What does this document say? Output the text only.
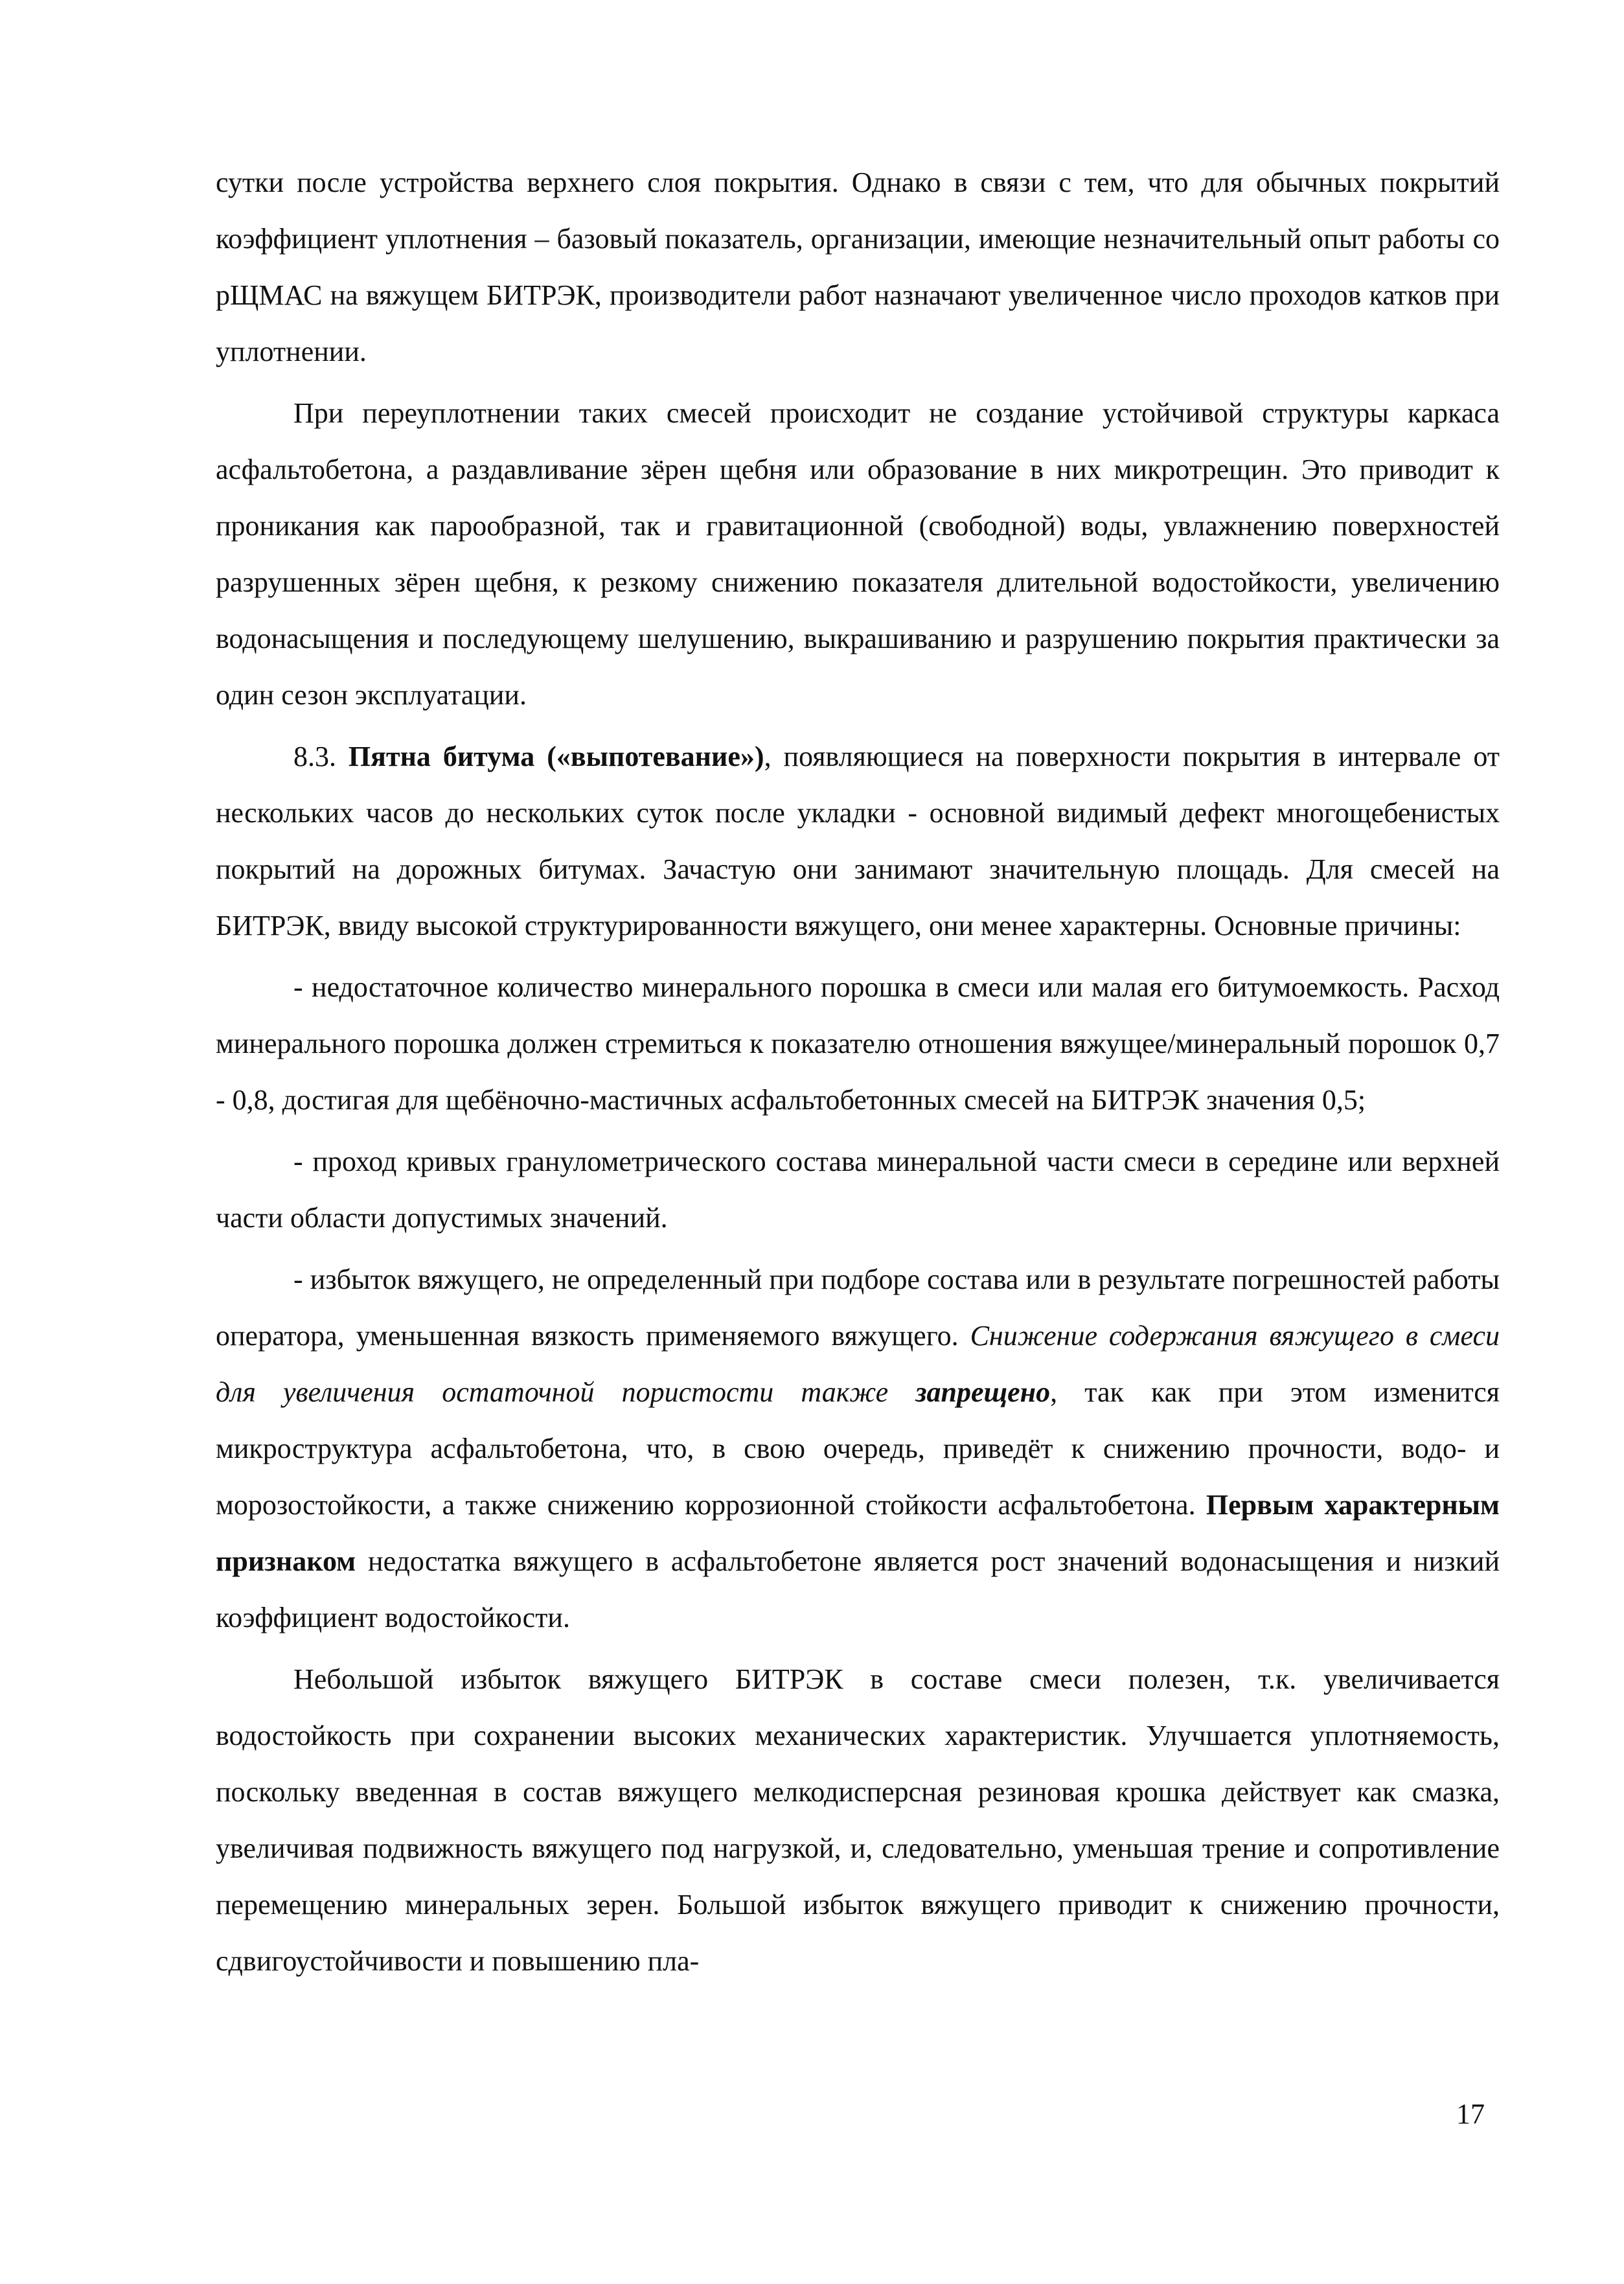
сутки после устройства верхнего слоя покрытия. Однако в связи с тем, что для обычных покрытий коэффициент уплотнения – базовый показатель, организации, имеющие незначительный опыт работы со рЩМАС на вяжущем БИТРЭК, производители работ назначают увеличенное число проходов катков при уплотнении.

При переуплотнении таких смесей происходит не создание устойчивой структуры каркаса асфальтобетона, а раздавливание зёрен щебня или образование в них микротрещин. Это приводит к проникания как парообразной, так и гравитационной (свободной) воды, увлажнению поверхностей разрушенных зёрен щебня, к резкому снижению показателя длительной водостойкости, увеличению водонасыщения и последующему шелушению, выкрашиванию и разрушению покрытия практически за один сезон эксплуатации.

8.3. Пятна битума («выпотевание»), появляющиеся на поверхности покрытия в интервале от нескольких часов до нескольких суток после укладки - основной видимый дефект многощебенистых покрытий на дорожных битумах. Зачастую они занимают значительную площадь. Для смесей на БИТРЭК, ввиду высокой структурированности вяжущего, они менее характерны. Основные причины:

- недостаточное количество минерального порошка в смеси или малая его битумоемкость. Расход минерального порошка должен стремиться к показателю отношения вяжущее/минеральный порошок 0,7 - 0,8, достигая для щебёночно-мастичных асфальтобетонных смесей на БИТРЭК значения 0,5;

- проход кривых гранулометрического состава минеральной части смеси в середине или верхней части области допустимых значений.

- избыток вяжущего, не определенный при подборе состава или в результате погрешностей работы оператора, уменьшенная вязкость применяемого вяжущего. Снижение содержания вяжущего в смеси для увеличения остаточной пористости также запрещено, так как при этом изменится микроструктура асфальтобетона, что, в свою очередь, приведёт к снижению прочности, водо- и морозостойкости, а также снижению коррозионной стойкости асфальтобетона. Первым характерным признаком недостатка вяжущего в асфальтобетоне является рост значений водонасыщения и низкий коэффициент водостойкости.

Небольшой избыток вяжущего БИТРЭК в составе смеси полезен, т.к. увеличивается водостойкость при сохранении высоких механических характеристик. Улучшается уплотняемость, поскольку введенная в состав вяжущего мелкодисперсная резиновая крошка действует как смазка, увеличивая подвижность вяжущего под нагрузкой, и, следовательно, уменьшая трение и сопротивление перемещению минеральных зерен. Большой избыток вяжущего приводит к снижению прочности, сдвигоустойчивости и повышению пла-

17
